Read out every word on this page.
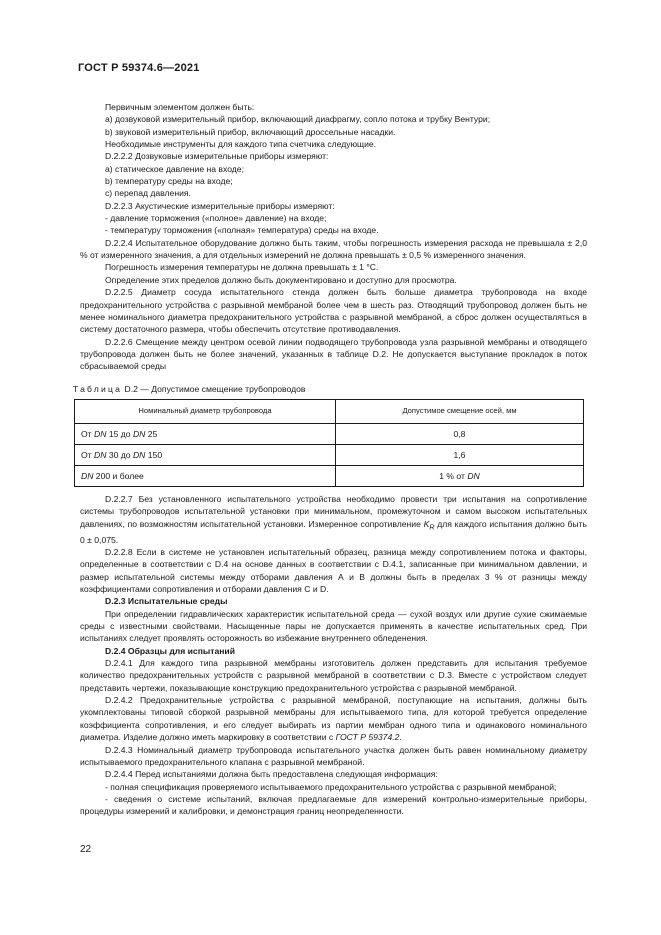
ГОСТ Р 59374.6—2021

Первичным элементом должен быть:

а) дозвуковой измерительный прибор, включающий диафрагму, сопло потока и трубку Вентури;

b) звуковой измерительный прибор, включающий дроссельные насадки.

Необходимые инструменты для каждого типа счетчика следующие.

D.2.2.2 Дозвуковые измерительные приборы измеряют:

а) статическое давление на входе;

b) температуру среды на входе;

с) перепад давления.

D.2.2.3 Акустические измерительные приборы измеряют:

- давление торможения («полное» давление) на входе;

- температуру торможения («полная» температура) среды на входе.

D.2.2.4 Испытательное оборудование должно быть таким, чтобы погрешность измерения расхода не превышала ± 2,0 % от измеренного значения, а для отдельных измерений не должна превышать ± 0,5 % измеренного значения.

Погрешность измерения температуры не должна превышать ± 1 °С.

Определение этих пределов должно быть документировано и доступно для просмотра.

D.2.2.5 Диаметр сосуда испытательного стенда должен быть больше диаметра трубопровода на входе предохранительного устройства с разрывной мембраной более чем в шесть раз. Отводящий трубопровод должен быть не менее номинального диаметра предохранительного устройства с разрывной мембраной, а сброс должен осуществляться в систему достаточного размера, чтобы обеспечить отсутствие противодавления.

D.2.2.6 Смещение между центром осевой линии подводящего трубопровода узла разрывной мембраны и отводящего трубопровода должен быть не более значений, указанных в таблице D.2. Не допускается выступание прокладок в поток сбрасываемой среды

Таблица D.2 — Допустимое смещение трубопроводов

Номинальный диаметр трубопровода	Допустимое смещение осей, мм
От DN 15 до DN 25	0,8
От DN 30 до DN 150	1,6
DN 200 и более	1 % от DN

D.2.2.7 Без установленного испытательного устройства необходимо провести три испытания на сопротивление системы трубопроводов испытательной установки при минимальном, промежуточном и самом высоком испытательных давлениях, по возможностям испытательной установки. Измеренное сопротивление $K_R$ для каждого испытания должно быть 0 ± 0,075.

D.2.2.8 Если в системе не установлен испытательный образец, разница между сопротивлением потока и факторы, определенные в соответствии с D.4 на основе данных в соответствии с D.4.1, записанные при минимальном давлении, и размер испытательной системы между отборами давления А и В должны быть в пределах 3 % от разницы между коэффициентами сопротивления и отборами давления С и D.

D.2.3 Испытательные среды

При определении гидравлических характеристик испытательной среда — сухой воздух или другие сухие сжимаемые среды с известными свойствами. Насыщенные пары не допускается применять в качестве испытательных сред. При испытаниях следует проявлять осторожность во избежание внутреннего обледенения.

D.2.4 Образцы для испытаний

D.2.4.1 Для каждого типа разрывной мембраны изготовитель должен представить для испытания требуемое количество предохранительных устройств с разрывной мембраной в соответствии с D.3. Вместе с устройством следует представить чертежи, показывающие конструкцию предохранительного устройства с разрывной мембраной.

D.2.4.2 Предохранительные устройства с разрывной мембраной, поступающие на испытания, должны быть укомплектованы типовой сборкой разрывной мембраны для испытываемого типа, для которой требуется определение коэффициента сопротивления, и его следует выбирать из партии мембран одного типа и одинакового номинального диаметра. Изделие должно иметь маркировку в соответствии с ГОСТ Р 59374.2.

D.2.4.3 Номинальный диаметр трубопровода испытательного участка должен быть равен номинальному диаметру испытываемого предохранительного клапана с разрывной мембраной.

D.2.4.4 Перед испытаниями должна быть предоставлена следующая информация:

- полная спецификация проверяемого испытываемого предохранительного устройства с разрывной мембраной;

- сведения о системе испытаний, включая предлагаемые для измерений контрольно-измерительные приборы, процедуры измерений и калибровки, и демонстрация границ неопределенности.

22
